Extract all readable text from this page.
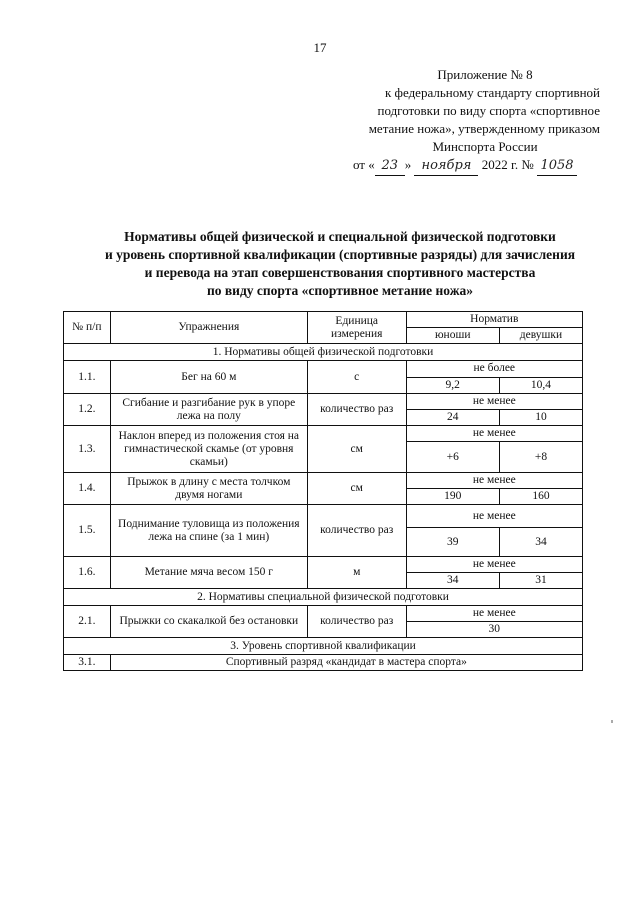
17
Приложение № 8
к федеральному стандарту спортивной
подготовки по виду спорта «спортивное
метание ножа», утвержденному приказом
Минспорта России
от « 23 » ноября 2022 г. № 1058
Нормативы общей физической и специальной физической подготовки
и уровень спортивной квалификации (спортивные разряды) для зачисления
и перевода на этап совершенствования спортивного мастерства
по виду спорта «спортивное метание ножа»
№ п/п	Упражнения	Единица измерения	Норматив	
			юноши	девушки
1. Нормативы общей физической подготовки				
1.1.	Бег на 60 м	с	не более	
			9,2	10,4
1.2.	Сгибание и разгибание рук в упоре лежа на полу	количество раз	не менее	
			24	10
1.3.	Наклон вперед из положения стоя на гимнастической скамье (от уровня скамьи)	см	не менее	
			+6	+8
1.4.	Прыжок в длину с места толчком двумя ногами	см	не менее	
			190	160
1.5.	Поднимание туловища из положения лежа на спине (за 1 мин)	количество раз	не менее	
			39	34
1.6.	Метание мяча весом 150 г	м	не менее	
			34	31
2. Нормативы специальной физической подготовки				
2.1.	Прыжки со скакалкой без остановки	количество раз	не менее	
			30	
3. Уровень спортивной квалификации				
3.1.	Спортивный разряд «кандидат в мастера спорта»			
